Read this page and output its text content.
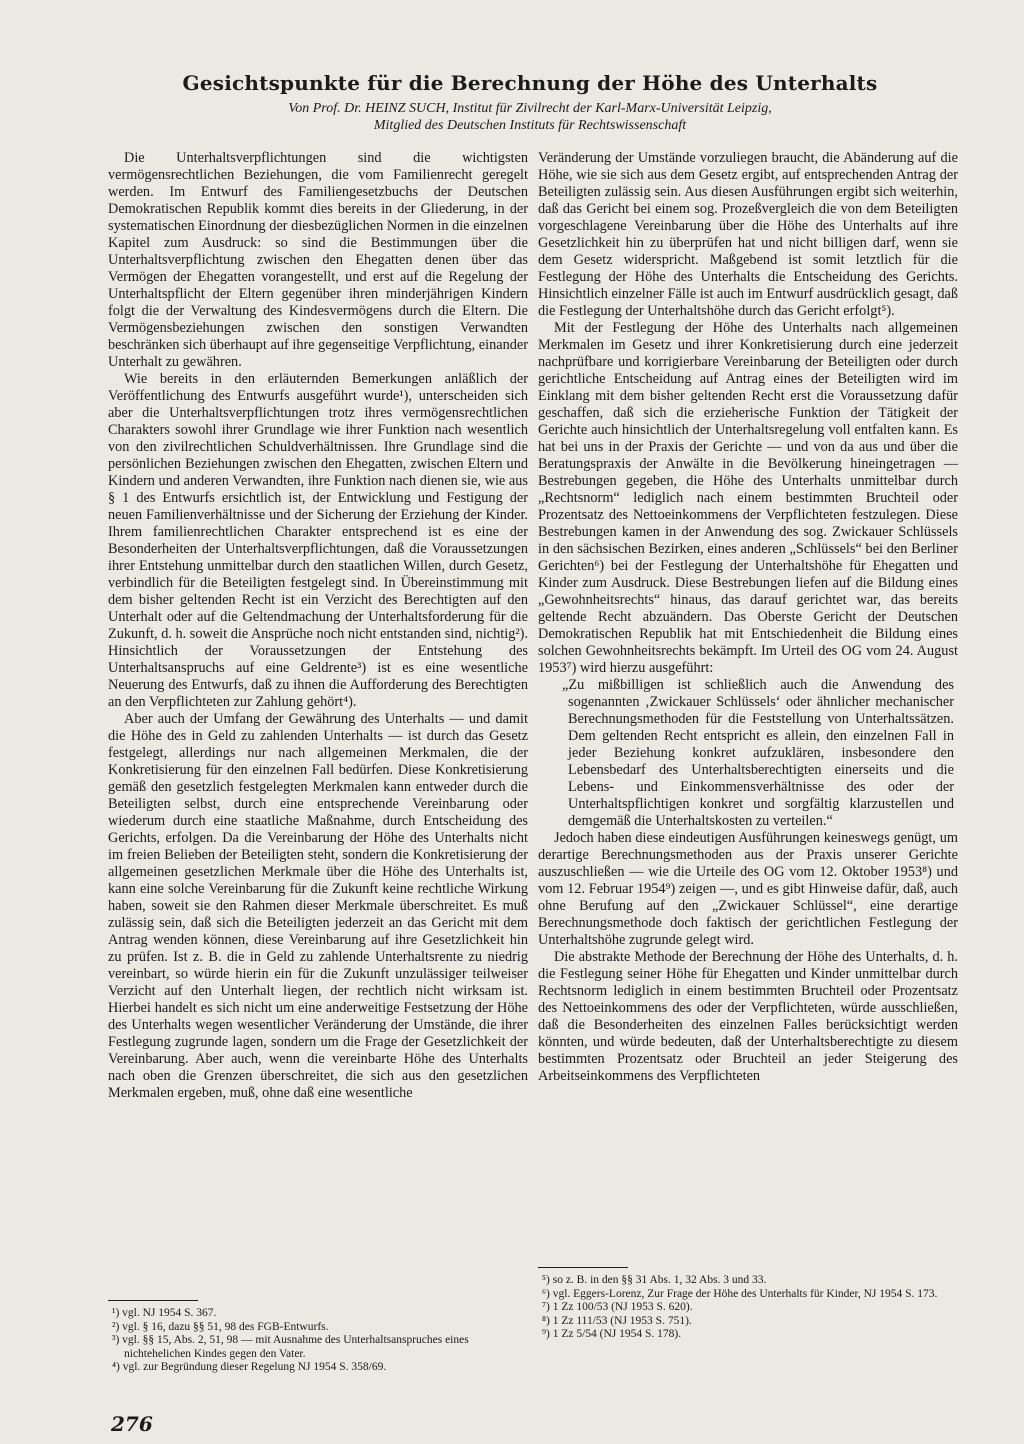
Gesichtspunkte für die Berechnung der Höhe des Unterhalts
Von Prof. Dr. HEINZ SUCH, Institut für Zivilrecht der Karl-Marx-Universität Leipzig,
Mitglied des Deutschen Instituts für Rechtswissenschaft

Die Unterhaltsverpflichtungen sind die wichtigsten vermögensrechtlichen Beziehungen, die vom Familienrecht geregelt werden. Im Entwurf des Familiengesetzbuchs der Deutschen Demokratischen Republik kommt dies bereits in der Gliederung, in der systematischen Einordnung der diesbezüglichen Normen in die einzelnen Kapitel zum Ausdruck: so sind die Bestimmungen über die Unterhaltsverpflichtung zwischen den Ehegatten denen über das Vermögen der Ehegatten vorangestellt, und erst auf die Regelung der Unterhaltspflicht der Eltern gegenüber ihren minderjährigen Kindern folgt die der Verwaltung des Kindesvermögens durch die Eltern. Die Vermögensbeziehungen zwischen den sonstigen Verwandten beschränken sich überhaupt auf ihre gegenseitige Verpflichtung, einander Unterhalt zu gewähren.

Wie bereits in den erläuternden Bemerkungen anläßlich der Veröffentlichung des Entwurfs ausgeführt wurde¹), unterscheiden sich aber die Unterhaltsverpflichtungen trotz ihres vermögensrechtlichen Charakters sowohl ihrer Grundlage wie ihrer Funktion nach wesentlich von den zivilrechtlichen Schuldverhältnissen. Ihre Grundlage sind die persönlichen Beziehungen zwischen den Ehegatten, zwischen Eltern und Kindern und anderen Verwandten, ihre Funktion nach dienen sie, wie aus § 1 des Entwurfs ersichtlich ist, der Entwicklung und Festigung der neuen Familienverhältnisse und der Sicherung der Erziehung der Kinder. Ihrem familienrechtlichen Charakter entsprechend ist es eine der Besonderheiten der Unterhaltsverpflichtungen, daß die Voraussetzungen ihrer Entstehung unmittelbar durch den staatlichen Willen, durch Gesetz, verbindlich für die Beteiligten festgelegt sind. In Übereinstimmung mit dem bisher geltenden Recht ist ein Verzicht des Berechtigten auf den Unterhalt oder auf die Geltendmachung der Unterhaltsforderung für die Zukunft, d. h. soweit die Ansprüche noch nicht entstanden sind, nichtig²). Hinsichtlich der Voraussetzungen der Entstehung des Unterhaltsanspruchs auf eine Geldrente³) ist es eine wesentliche Neuerung des Entwurfs, daß zu ihnen die Aufforderung des Berechtigten an den Verpflichteten zur Zahlung gehört⁴).

Aber auch der Umfang der Gewährung des Unterhalts — und damit die Höhe des in Geld zu zahlenden Unterhalts — ist durch das Gesetz festgelegt, allerdings nur nach allgemeinen Merkmalen, die der Konkretisierung für den einzelnen Fall bedürfen. Diese Konkretisierung gemäß den gesetzlich festgelegten Merkmalen kann entweder durch die Beteiligten selbst, durch eine entsprechende Vereinbarung oder wiederum durch eine staatliche Maßnahme, durch Entscheidung des Gerichts, erfolgen. Da die Vereinbarung der Höhe des Unterhalts nicht im freien Belieben der Beteiligten steht, sondern die Konkretisierung der allgemeinen gesetzlichen Merkmale über die Höhe des Unterhalts ist, kann eine solche Vereinbarung für die Zukunft keine rechtliche Wirkung haben, soweit sie den Rahmen dieser Merkmale überschreitet. Es muß zulässig sein, daß sich die Beteiligten jederzeit an das Gericht mit dem Antrag wenden können, diese Vereinbarung auf ihre Gesetzlichkeit hin zu prüfen. Ist z. B. die in Geld zu zahlende Unterhaltsrente zu niedrig vereinbart, so würde hierin ein für die Zukunft unzulässiger teilweiser Verzicht auf den Unterhalt liegen, der rechtlich nicht wirksam ist. Hierbei handelt es sich nicht um eine anderweitige Festsetzung der Höhe des Unterhalts wegen wesentlicher Veränderung der Umstände, die ihrer Festlegung zugrunde lagen, sondern um die Frage der Gesetzlichkeit der Vereinbarung. Aber auch, wenn die vereinbarte Höhe des Unterhalts nach oben die Grenzen überschreitet, die sich aus den gesetzlichen Merkmalen ergeben, muß, ohne daß eine wesentliche

Veränderung der Umstände vorzuliegen braucht, die Abänderung auf die Höhe, wie sie sich aus dem Gesetz ergibt, auf entsprechenden Antrag der Beteiligten zulässig sein. Aus diesen Ausführungen ergibt sich weiterhin, daß das Gericht bei einem sog. Prozeßvergleich die von dem Beteiligten vorgeschlagene Vereinbarung über die Höhe des Unterhalts auf ihre Gesetzlichkeit hin zu überprüfen hat und nicht billigen darf, wenn sie dem Gesetz widerspricht. Maßgebend ist somit letztlich für die Festlegung der Höhe des Unterhalts die Entscheidung des Gerichts. Hinsichtlich einzelner Fälle ist auch im Entwurf ausdrücklich gesagt, daß die Festlegung der Unterhaltshöhe durch das Gericht erfolgt⁵).

Mit der Festlegung der Höhe des Unterhalts nach allgemeinen Merkmalen im Gesetz und ihrer Konkretisierung durch eine jederzeit nachprüfbare und korrigierbare Vereinbarung der Beteiligten oder durch gerichtliche Entscheidung auf Antrag eines der Beteiligten wird im Einklang mit dem bisher geltenden Recht erst die Voraussetzung dafür geschaffen, daß sich die erzieherische Funktion der Tätigkeit der Gerichte auch hinsichtlich der Unterhaltsregelung voll entfalten kann. Es hat bei uns in der Praxis der Gerichte — und von da aus und über die Beratungspraxis der Anwälte in die Bevölkerung hineingetragen — Bestrebungen gegeben, die Höhe des Unterhalts unmittelbar durch „Rechtsnorm“ lediglich nach einem bestimmten Bruchteil oder Prozentsatz des Nettoeinkommens der Verpflichteten festzulegen. Diese Bestrebungen kamen in der Anwendung des sog. Zwickauer Schlüssels in den sächsischen Bezirken, eines anderen „Schlüssels“ bei den Berliner Gerichten⁶) bei der Festlegung der Unterhaltshöhe für Ehegatten und Kinder zum Ausdruck. Diese Bestrebungen liefen auf die Bildung eines „Gewohnheitsrechts“ hinaus, das darauf gerichtet war, das bereits geltende Recht abzuändern. Das Oberste Gericht der Deutschen Demokratischen Republik hat mit Entschiedenheit die Bildung eines solchen Gewohnheitsrechts bekämpft. Im Urteil des OG vom 24. August 1953⁷) wird hierzu ausgeführt:

„Zu mißbilligen ist schließlich auch die Anwendung des sogenannten ‚Zwickauer Schlüssels‘ oder ähnlicher mechanischer Berechnungsmethoden für die Feststellung von Unterhaltssätzen. Dem geltenden Recht entspricht es allein, den einzelnen Fall in jeder Beziehung konkret aufzuklären, insbesondere den Lebensbedarf des Unterhaltsberechtigten einerseits und die Lebens- und Einkommensverhältnisse des oder der Unterhaltspflichtigen konkret und sorgfältig klarzustellen und demgemäß die Unterhaltskosten zu verteilen.“

Jedoch haben diese eindeutigen Ausführungen keineswegs genügt, um derartige Berechnungsmethoden aus der Praxis unserer Gerichte auszuschließen — wie die Urteile des OG vom 12. Oktober 1953⁸) und vom 12. Februar 1954⁹) zeigen —, und es gibt Hinweise dafür, daß, auch ohne Berufung auf den „Zwickauer Schlüssel“, eine derartige Berechnungsmethode doch faktisch der gerichtlichen Festlegung der Unterhaltshöhe zugrunde gelegt wird.

Die abstrakte Methode der Berechnung der Höhe des Unterhalts, d. h. die Festlegung seiner Höhe für Ehegatten und Kinder unmittelbar durch Rechtsnorm lediglich in einem bestimmten Bruchteil oder Prozentsatz des Nettoeinkommens des oder der Verpflichteten, würde ausschließen, daß die Besonderheiten des einzelnen Falles berücksichtigt werden könnten, und würde bedeuten, daß der Unterhaltsberechtigte zu diesem bestimmten Prozentsatz oder Bruchteil an jeder Steigerung des Arbeitseinkommens des Verpflichteten

¹) vgl. NJ 1954 S. 367.
²) vgl. § 16, dazu §§ 51, 98 des FGB-Entwurfs.
³) vgl. §§ 15, Abs. 2, 51, 98 — mit Ausnahme des Unterhaltsanspruches eines nichtehelichen Kindes gegen den Vater.
⁴) vgl. zur Begründung dieser Regelung NJ 1954 S. 358/69.
⁵) so z. B. in den §§ 31 Abs. 1, 32 Abs. 3 und 33.
⁶) vgl. Eggers-Lorenz, Zur Frage der Höhe des Unterhalts für Kinder, NJ 1954 S. 173.
⁷) 1 Zz 100/53 (NJ 1953 S. 620).
⁸) 1 Zz 111/53 (NJ 1953 S. 751).
⁹) 1 Zz 5/54 (NJ 1954 S. 178).
276
